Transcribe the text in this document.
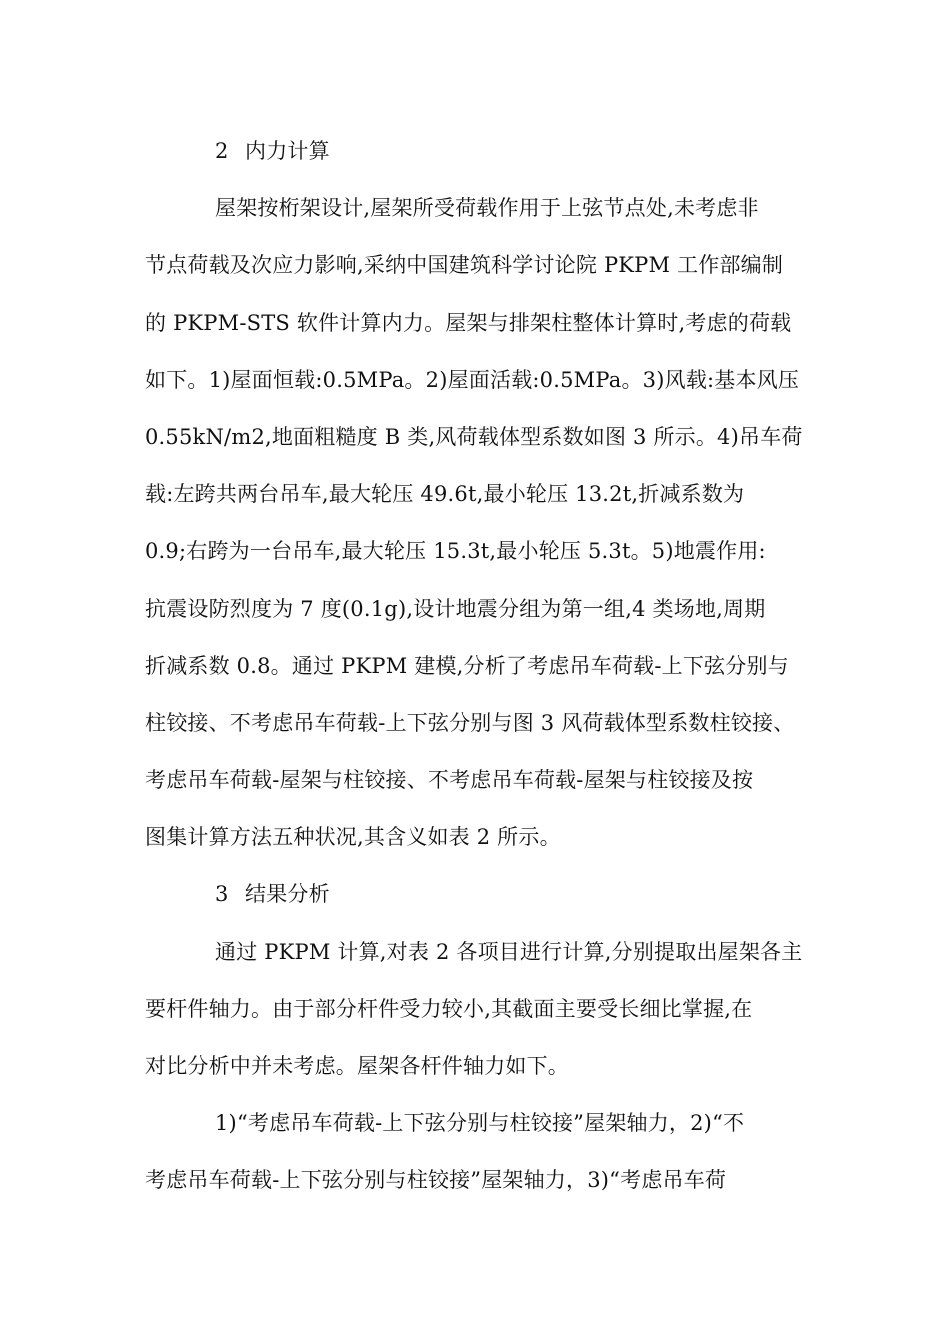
2 内力计算
屋架按桁架设计,屋架所受荷载作用于上弦节点处,未考虑非
节点荷载及次应力影响,采纳中国建筑科学讨论院 PKPM 工作部编制
的 PKPM-STS 软件计算内力。屋架与排架柱整体计算时,考虑的荷载
如下。1)屋面恒载:0.5MPa。2)屋面活载:0.5MPa。3)风载:基本风压
0.55kN/m2,地面粗糙度 B 类,风荷载体型系数如图 3 所示。4)吊车荷
载:左跨共两台吊车,最大轮压 49.6t,最小轮压 13.2t,折减系数为
0.9;右跨为一台吊车,最大轮压 15.3t,最小轮压 5.3t。5)地震作用:
抗震设防烈度为 7 度(0.1g),设计地震分组为第一组,4 类场地,周期
折减系数 0.8。通过 PKPM 建模,分析了考虑吊车荷载-上下弦分别与
柱铰接、不考虑吊车荷载-上下弦分别与图 3 风荷载体型系数柱铰接、
考虑吊车荷载-屋架与柱铰接、不考虑吊车荷载-屋架与柱铰接及按
图集计算方法五种状况,其含义如表 2 所示。
3 结果分析
通过 PKPM 计算,对表 2 各项目进行计算,分别提取出屋架各主
要杆件轴力。由于部分杆件受力较小,其截面主要受长细比掌握,在
对比分析中并未考虑。屋架各杆件轴力如下。
1)“考虑吊车荷载-上下弦分别与柱铰接”屋架轴力，2)“不
考虑吊车荷载-上下弦分别与柱铰接”屋架轴力，3)“考虑吊车荷
